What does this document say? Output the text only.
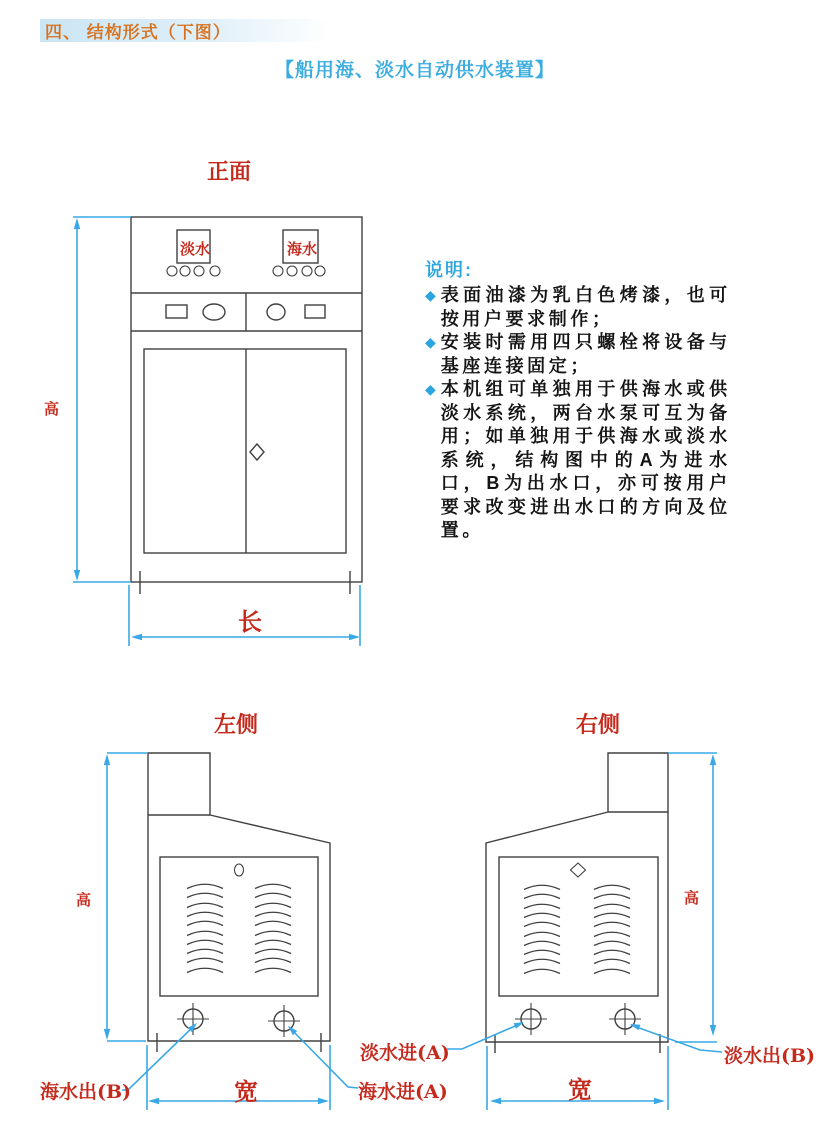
四、 结构形式（下图）
【船用海、淡水自动供水装置】
正面
高
长
淡水	海水
左侧
高
宽
海水出(B)	海水进(A)
右侧
高
宽
淡水进(A)	淡水出(B)
说明:
◆ 表面油漆为乳白色烤漆，也可按用户要求制作；

◆ 安装时需用四只螺栓将设备与基座连接固定；

◆ 本机组可单独用于供海水或供淡水系统，两台水泵可互为备用；如单独用于供海水或淡水系统，结构图中的A为进水口，B为出水口，亦可按用户要求改变进出水口的方向及位置。
